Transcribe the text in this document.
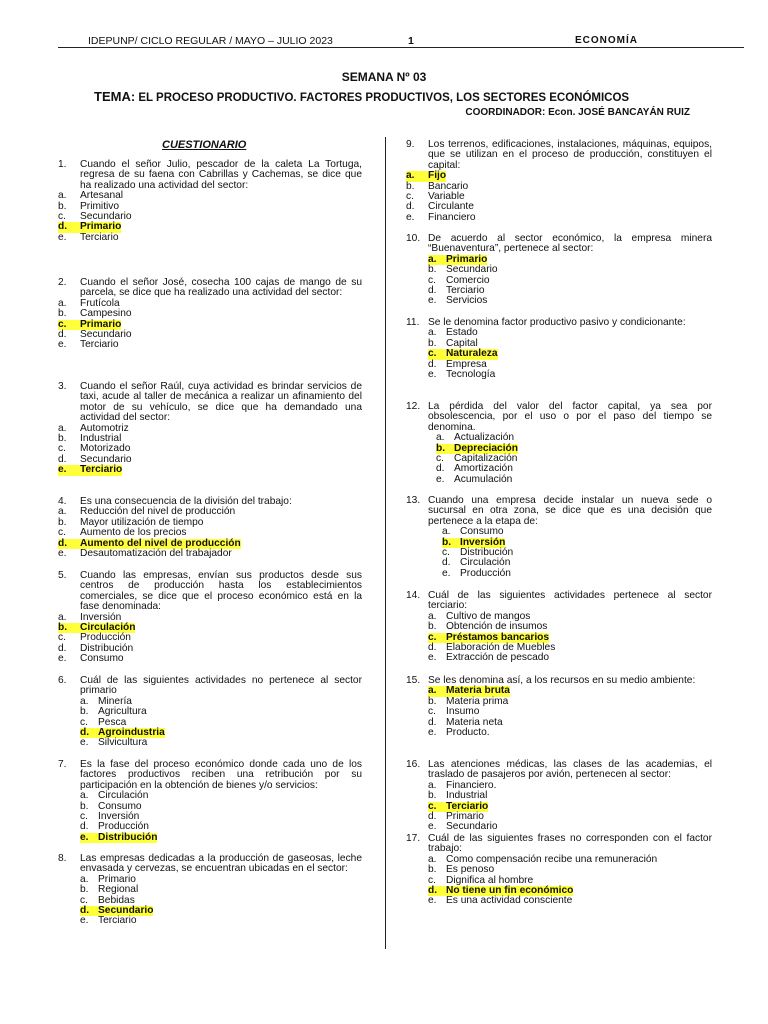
IDEPUNP/ CICLO REGULAR / MAYO – JULIO 2023	1	ECONOMÍA
SEMANA Nº 03
TEMA: EL PROCESO PRODUCTIVO. FACTORES PRODUCTIVOS, LOS SECTORES ECONÓMICOS
COORDINADOR: Econ. JOSÉ BANCAYÁN RUIZ
CUESTIONARIO
1.	Cuando el señor Julio, pescador de la caleta La Tortuga, regresa de su faena con Cabrillas y Cachemas, se dice que ha realizado una actividad del sector:
a.	Artesanal
b.	Primitivo
c.	Secundario
d.	Primario
e.	Terciario
2.	Cuando el señor José, cosecha 100 cajas de mango de su parcela, se dice que ha realizado una actividad del sector:
a.	Frutícola
b.	Campesino
c.	Primario
d.	Secundario
e.	Terciario
3.	Cuando el señor Raúl, cuya actividad es brindar servicios de taxi, acude al taller de mecánica a realizar un afinamiento del motor de su vehículo, se dice que ha demandado una actividad del sector:
a.	Automotriz
b.	Industrial
c.	Motorizado
d.	Secundario
e.	Terciario
4.	Es una consecuencia de la división del trabajo:
a.	Reducción del nivel de producción
b.	Mayor utilización de tiempo
c.	Aumento de los precios
d.	Aumento del nivel de producción
e.	Desautomatización del trabajador
5.	Cuando las empresas, envían sus productos desde sus centros de producción hasta los establecimientos comerciales, se dice que el proceso económico está en la fase denominada:
a.	Inversión
b.	Circulación
c.	Producción
d.	Distribución
e.	Consumo
6.	Cuál de las siguientes actividades no pertenece al sector primario
a. Minería
b. Agricultura
c. Pesca
d. Agroindustria
e. Silvicultura
7.	Es la fase del proceso económico donde cada uno de los factores productivos reciben una retribución por su participación en la obtención de bienes y/o servicios:
a. Circulación
b. Consumo
c. Inversión
d. Producción
e. Distribución
8.	Las empresas dedicadas a la producción de gaseosas, leche envasada y cervezas, se encuentran ubicadas en el sector:
a. Primario
b. Regional
c. Bebidas
d. Secundario
e. Terciario
9.	Los terrenos, edificaciones, instalaciones, máquinas, equipos, que se utilizan en el proceso de producción, constituyen el capital:
a.	Fijo
b.	Bancario
c.	Variable
d.	Circulante
e.	Financiero
10. De acuerdo al sector económico, la empresa minera “Buenaventura”, pertenece al sector:
a. Primario
b. Secundario
c. Comercio
d. Terciario
e. Servicios
11. Se le denomina factor productivo pasivo y condicionante:
a. Estado
b. Capital
c. Naturaleza
d. Empresa
e. Tecnología
12. La pérdida del valor del factor capital, ya sea por obsolescencia, por el uso o por el paso del tiempo se denomina.
a. Actualización
b. Depreciación
c. Capitalización
d. Amortización
e. Acumulación
13. Cuando una empresa decide instalar un nueva sede o sucursal en otra zona, se dice que es una decisión que pertenece a la etapa de:
a. Consumo
b. Inversión
c. Distribución
d. Circulación
e. Producción
14. Cuál de las siguientes actividades pertenece al sector terciario:
a. Cultivo de mangos
b. Obtención de insumos
c. Préstamos bancarios
d. Elaboración de Muebles
e. Extracción de pescado
15. Se les denomina así, a los recursos en su medio ambiente:
a. Materia bruta
b. Materia prima
c. Insumo
d. Materia neta
e. Producto.
16. Las atenciones médicas, las clases de las academias, el traslado de pasajeros por avión, pertenecen al sector:
a. Financiero.
b. Industrial
c. Terciario
d. Primario
e. Secundario
17. Cuál de las siguientes frases no corresponden con el factor trabajo:
a. Como compensación recibe una remuneración
b. Es penoso
c. Dignifica al hombre
d. No tiene un fin económico
e. Es una actividad consciente
